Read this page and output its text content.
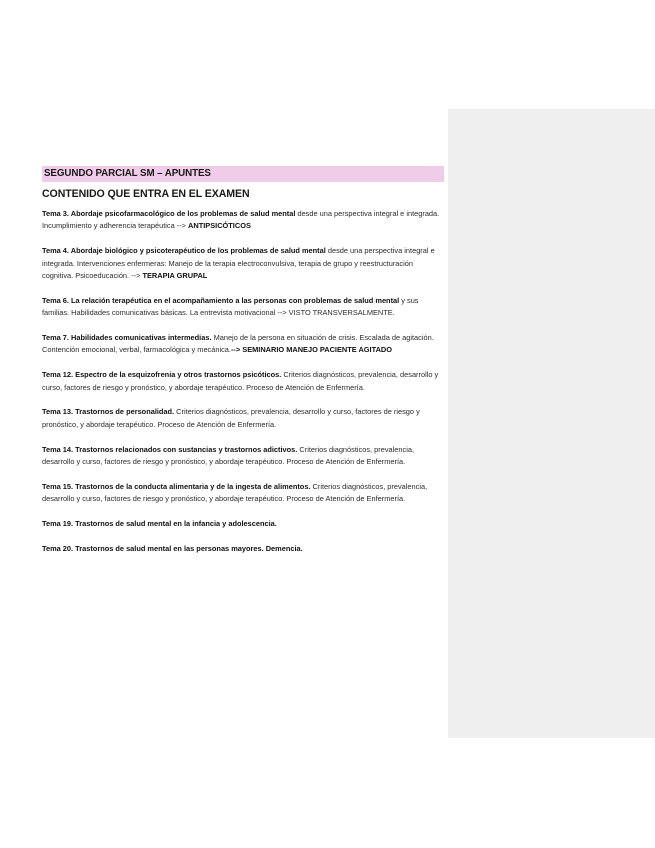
SEGUNDO PARCIAL SM – APUNTES
CONTENIDO QUE ENTRA EN EL EXAMEN

Tema 3. Abordaje psicofarmacológico de los problemas de salud mental desde una perspectiva integral e integrada. Incumplimiento y adherencia terapéutica --> ANTIPSICÓTICOS

Tema 4. Abordaje biológico y psicoterapéutico de los problemas de salud mental desde una perspectiva integral e integrada. Intervenciones enfermeras: Manejo de la terapia electroconvulsiva, terapia de grupo y reestructuración cognitiva. Psicoeducación. --> TERAPIA GRUPAL

Tema 6. La relación terapéutica en el acompañamiento a las personas con problemas de salud mental y sus familias. Habilidades comunicativas básicas. La entrevista motivacional --> VISTO TRANSVERSALMENTE.

Tema 7. Habilidades comunicativas intermedias. Manejo de la persona en situación de crisis. Escalada de agitación. Contención emocional, verbal, farmacológica y mecánica.--> SEMINARIO MANEJO PACIENTE AGITADO

Tema 12. Espectro de la esquizofrenia y otros trastornos psicóticos. Criterios diagnósticos, prevalencia, desarrollo y curso, factores de riesgo y pronóstico, y abordaje terapéutico. Proceso de Atención de Enfermería.

Tema 13. Trastornos de personalidad. Criterios diagnósticos, prevalencia, desarrollo y curso, factores de riesgo y pronóstico, y abordaje terapéutico. Proceso de Atención de Enfermería.

Tema 14. Trastornos relacionados con sustancias y trastornos adictivos. Criterios diagnósticos, prevalencia, desarrollo y curso, factores de riesgo y pronóstico, y abordaje terapéutico. Proceso de Atención de Enfermería.

Tema 15. Trastornos de la conducta alimentaria y de la ingesta de alimentos. Criterios diagnósticos, prevalencia, desarrollo y curso, factores de riesgo y pronóstico, y abordaje terapéutico. Proceso de Atención de Enfermería.

Tema 19. Trastornos de salud mental en la infancia y adolescencia.

Tema 20. Trastornos de salud mental en las personas mayores. Demencia.
